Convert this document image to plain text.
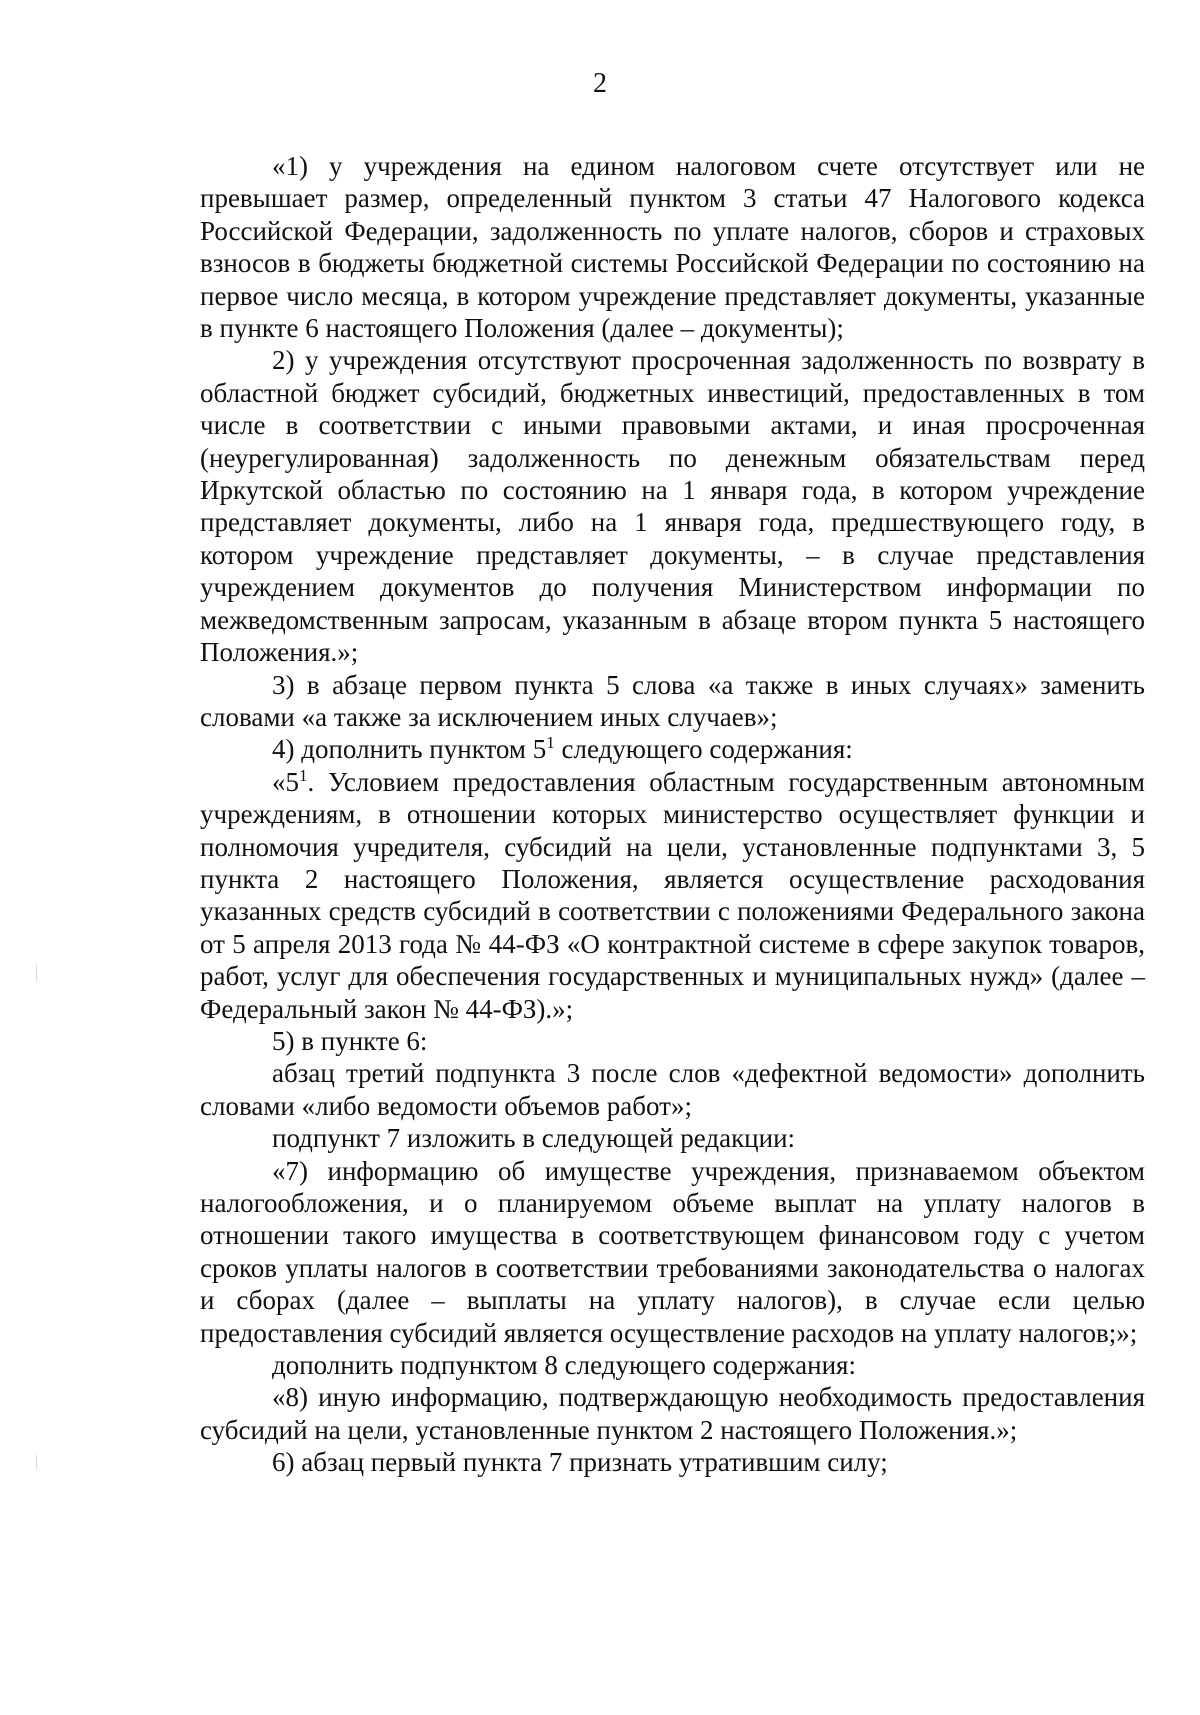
2

«1) у учреждения на едином налоговом счете отсутствует или не превышает размер, определенный пунктом 3 статьи 47 Налогового кодекса Российской Федерации, задолженность по уплате налогов, сборов и страховых взносов в бюджеты бюджетной системы Российской Федерации по состоянию на первое число месяца, в котором учреждение представляет документы, указанные в пункте 6 настоящего Положения (далее – документы);

2) у учреждения отсутствуют просроченная задолженность по возврату в областной бюджет субсидий, бюджетных инвестиций, предоставленных в том числе в соответствии с иными правовыми актами, и иная просроченная (неурегулированная) задолженность по денежным обязательствам перед Иркутской областью по состоянию на 1 января года, в котором учреждение представляет документы, либо на 1 января года, предшествующего году, в котором учреждение представляет документы, – в случае представления учреждением документов до получения Министерством информации по межведомственным запросам, указанным в абзаце втором пункта 5 настоящего Положения.»;

3) в абзаце первом пункта 5 слова «а также в иных случаях» заменить словами «а также за исключением иных случаев»;

4) дополнить пунктом $5^1$ следующего содержания:

«$5^1$. Условием предоставления областным государственным автономным учреждениям, в отношении которых министерство осуществляет функции и полномочия учредителя, субсидий на цели, установленные подпунктами 3, 5 пункта 2 настоящего Положения, является осуществление расходования указанных средств субсидий в соответствии с положениями Федерального закона от 5 апреля 2013 года № 44-ФЗ «О контрактной системе в сфере закупок товаров, работ, услуг для обеспечения государственных и муниципальных нужд» (далее – Федеральный закон № 44-ФЗ).»;

5) в пункте 6:

абзац третий подпункта 3 после слов «дефектной ведомости» дополнить словами «либо ведомости объемов работ»;

подпункт 7 изложить в следующей редакции:

«7) информацию об имуществе учреждения, признаваемом объектом налогообложения, и о планируемом объеме выплат на уплату налогов в отношении такого имущества в соответствующем финансовом году с учетом сроков уплаты налогов в соответствии требованиями законодательства о налогах и сборах (далее – выплаты на уплату налогов), в случае если целью предоставления субсидий является осуществление расходов на уплату налогов;»;

дополнить подпунктом 8 следующего содержания:

«8) иную информацию, подтверждающую необходимость предоставления субсидий на цели, установленные пунктом 2 настоящего Положения.»;

6) абзац первый пункта 7 признать утратившим силу;
